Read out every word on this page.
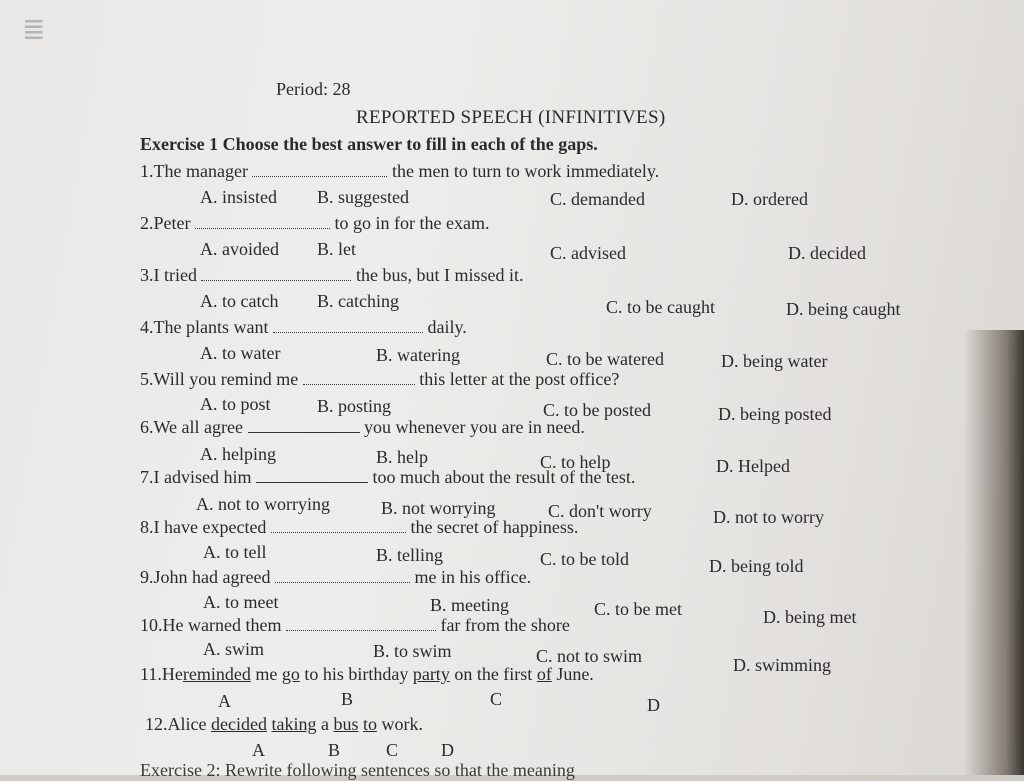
≣
Period: 28
REPORTED SPEECH (INFINITIVES)
Exercise 1 Choose the best answer to fill in each of the gaps.
1.The manager	the men to turn to work immediately.
A. insisted B. suggested	C. demanded	D. ordered
2.Peter	to go in for the exam.
A. avoided B. let	C. advised	D. decided
3.I tried	the bus, but I missed it.
A. to catch B. catching	C. to be caught	D. being caught
4.The plants want	daily.
A. to water	B. watering	C. to be watered	D. being water
5.Will you remind me	this letter at the post office?
A. to post	B. posting	C. to be posted	D. being posted
6.We all agree	you whenever you are in need.
A. helping	B. help	C. to help	D. Helped
7.I advised him	too much about the result of the test.
A. not to worrying	B. not worrying	C. don't worry	D. not to worry
8.I have expected	the secret of happiness.
A. to tell	B. telling	C. to be told	D. being told
9.John had agreed	me in his office.
A. to meet	B. meeting	C. to be met	D. being met
10.He warned them	far from the shore
A. swim	B. to swim	C. not to swim	D. swimming
11.Hereminded me go to his birthday party on the first of June.
A	B	C	D
12.Alice decided taking a bus to work.
A	B	C D
Exercise 2: Rewrite following sentences so that the meaning
